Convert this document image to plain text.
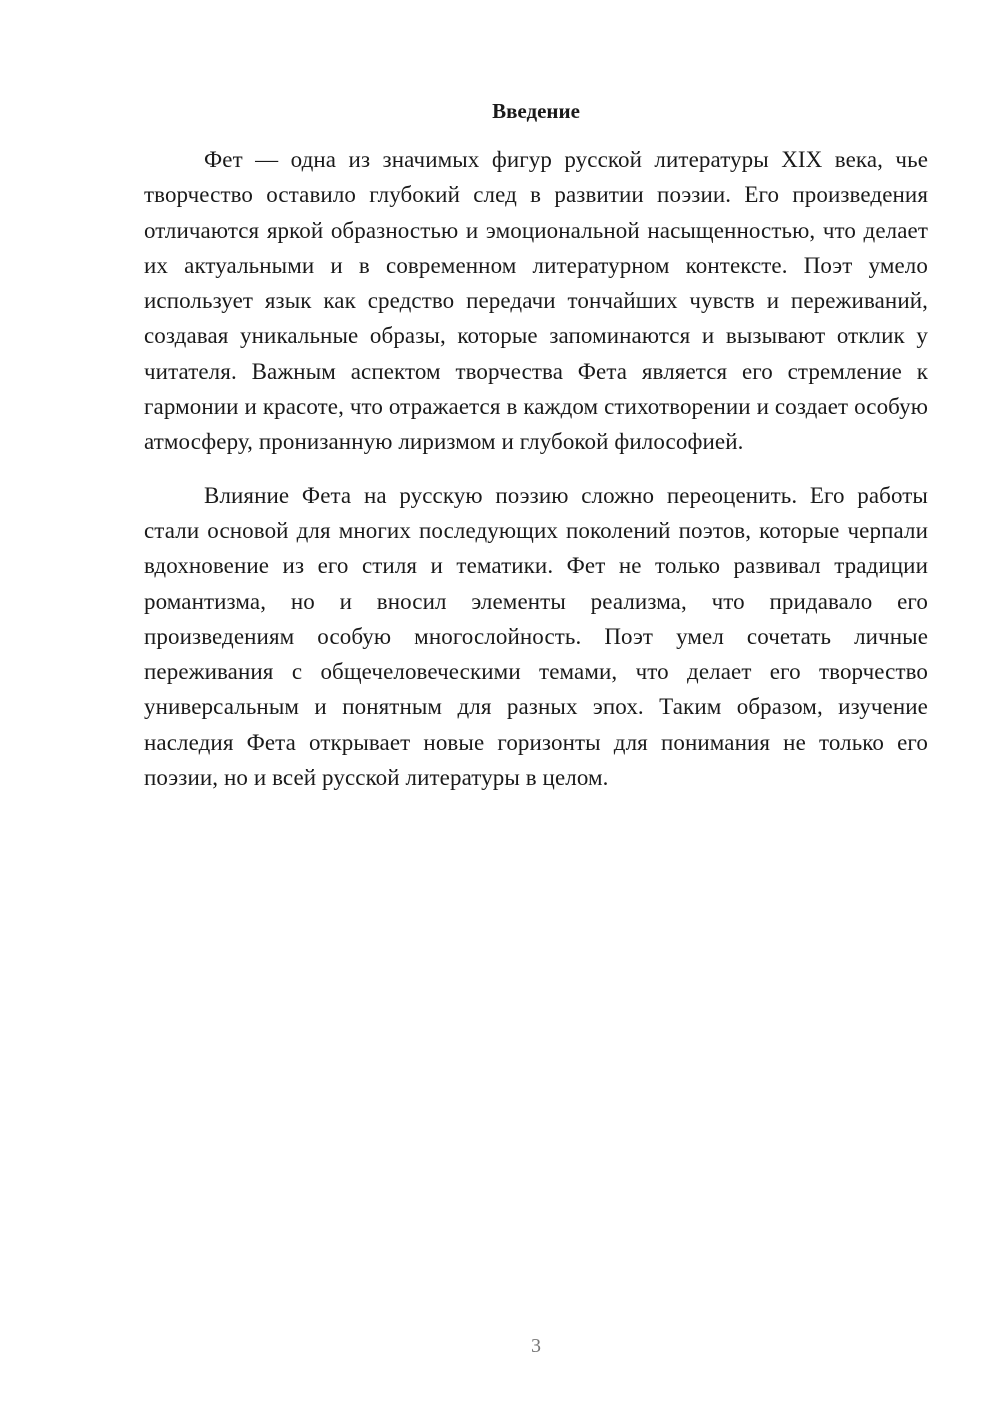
Введение

Фет — одна из значимых фигур русской литературы XIX века, чье творчество оставило глубокий след в развитии поэзии. Его произведения отличаются яркой образностью и эмоциональной насыщенностью, что делает их актуальными и в современном литературном контексте. Поэт умело использует язык как средство передачи тончайших чувств и переживаний, создавая уникальные образы, которые запоминаются и вызывают отклик у читателя. Важным аспектом творчества Фета является его стремление к гармонии и красоте, что отражается в каждом стихотворении и создает особую атмосферу, пронизанную лиризмом и глубокой философией.

Влияние Фета на русскую поэзию сложно переоценить. Его работы стали основой для многих последующих поколений поэтов, которые черпали вдохновение из его стиля и тематики. Фет не только развивал традиции романтизма, но и вносил элементы реализма, что придавало его произведениям особую многослойность. Поэт умел сочетать личные переживания с общечеловеческими темами, что делает его творчество универсальным и понятным для разных эпох. Таким образом, изучение наследия Фета открывает новые горизонты для понимания не только его поэзии, но и всей русской литературы в целом.

3
